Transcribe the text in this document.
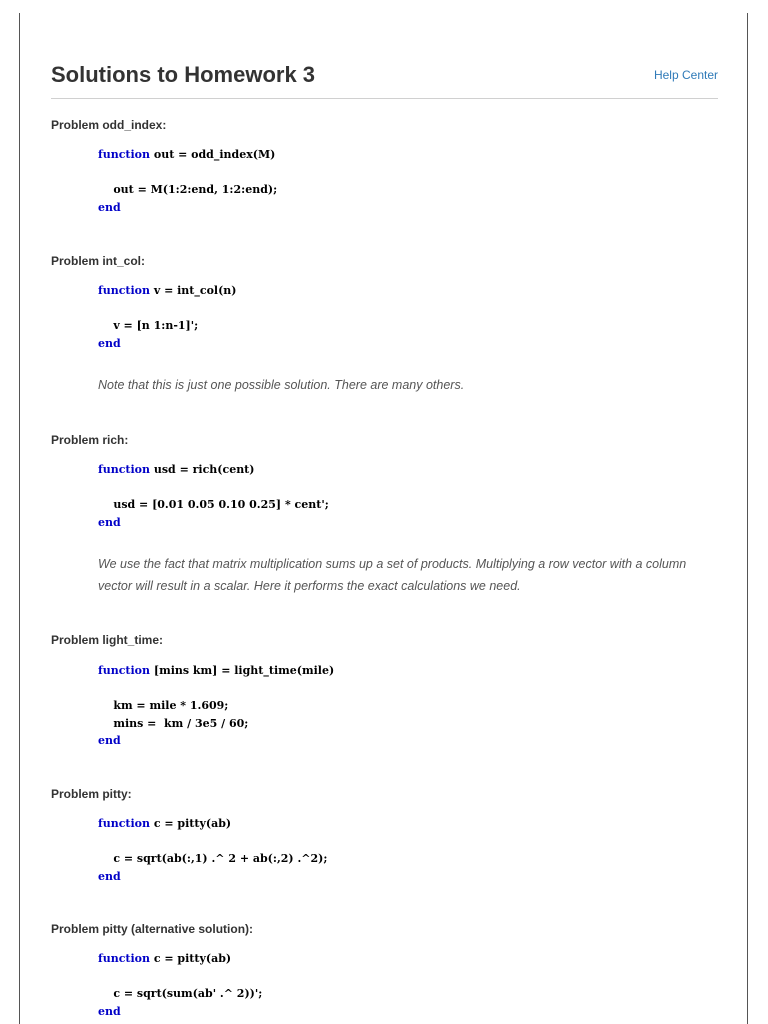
Solutions to Homework 3	Help Center
Problem odd_index:
function out = odd_index(M)
out = M(1:2:end, 1:2:end);
end
Problem int_col:
function v = int_col(n)
v = [n 1:n-1]';
end
Note that this is just one possible solution. There are many others.
Problem rich:
function usd = rich(cent)
usd = [0.01 0.05 0.10 0.25] * cent';
end
We use the fact that matrix multiplication sums up a set of products. Multiplying a row vector with a column vector will result in a scalar. Here it performs the exact calculations we need.
Problem light_time:
function [mins km] = light_time(mile)
km = mile * 1.609;
mins =  km / 3e5 / 60;
end
Problem pitty:
function c = pitty(ab)
c = sqrt(ab(:,1) .^ 2 + ab(:,2) .^2);
end
Problem pitty (alternative solution):
function c = pitty(ab)
c = sqrt(sum(ab' .^ 2))';
end
